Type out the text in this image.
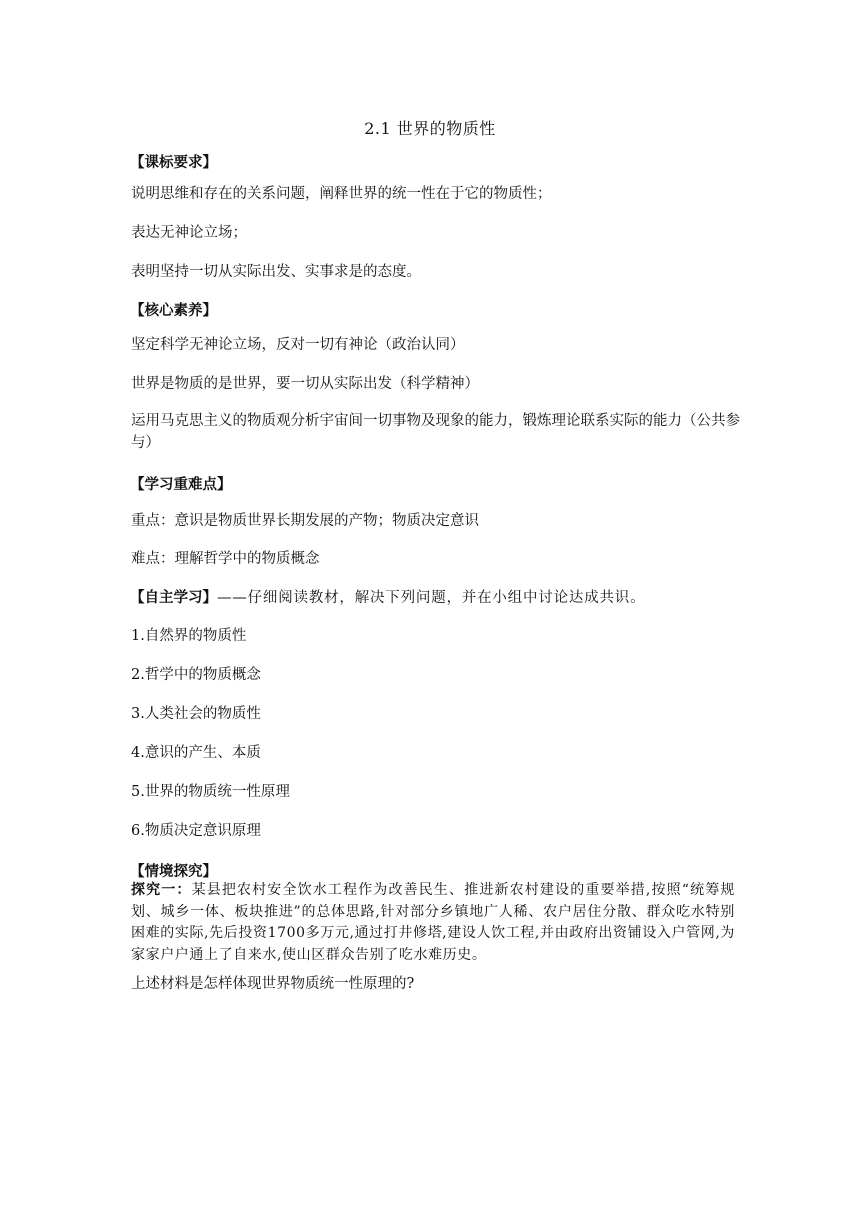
2.1 世界的物质性
【课标要求】
说明思维和存在的关系问题，阐释世界的统一性在于它的物质性；
表达无神论立场；
表明坚持一切从实际出发、实事求是的态度。
【核心素养】
坚定科学无神论立场，反对一切有神论（政治认同）
世界是物质的是世界，要一切从实际出发（科学精神）
运用马克思主义的物质观分析宇宙间一切事物及现象的能力，锻炼理论联系实际的能力（公共参与）
【学习重难点】
重点：意识是物质世界长期发展的产物；物质决定意识
难点：理解哲学中的物质概念
【自主学习】——仔细阅读教材，解决下列问题，并在小组中讨论达成共识。
1.自然界的物质性
2.哲学中的物质概念
3.人类社会的物质性
4.意识的产生、本质
5.世界的物质统一性原理
6.物质决定意识原理
【情境探究】
探究一：某县把农村安全饮水工程作为改善民生、推进新农村建设的重要举措,按照“统筹规划、城乡一体、板块推进”的总体思路,针对部分乡镇地广人稀、农户居住分散、群众吃水特别困难的实际,先后投资1700多万元,通过打井修塔,建设人饮工程,并由政府出资铺设入户管网,为家家户户通上了自来水,使山区群众告别了吃水难历史。
上述材料是怎样体现世界物质统一性原理的?
